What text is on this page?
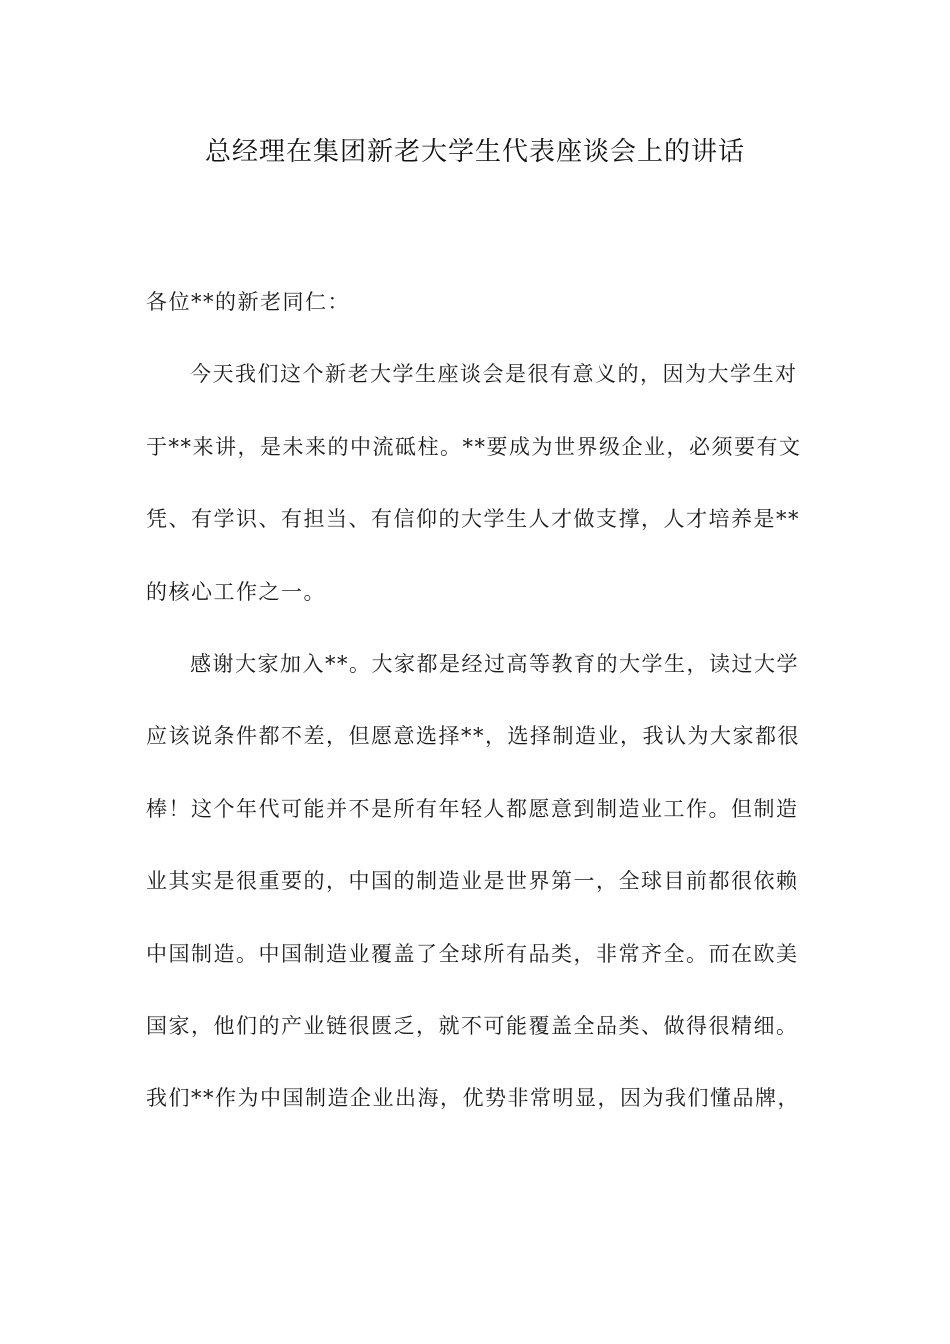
总经理在集团新老大学生代表座谈会上的讲话
各位**的新老同仁：
今天我们这个新老大学生座谈会是很有意义的，因为大学生对
于**来讲，是未来的中流砥柱。**要成为世界级企业，必须要有文
凭、有学识、有担当、有信仰的大学生人才做支撑，人才培养是**
的核心工作之一。
感谢大家加入**。大家都是经过高等教育的大学生，读过大学
应该说条件都不差，但愿意选择**，选择制造业，我认为大家都很
棒！这个年代可能并不是所有年轻人都愿意到制造业工作。但制造
业其实是很重要的，中国的制造业是世界第一，全球目前都很依赖
中国制造。中国制造业覆盖了全球所有品类，非常齐全。而在欧美
国家，他们的产业链很匮乏，就不可能覆盖全品类、做得很精细。
我们**作为中国制造企业出海，优势非常明显，因为我们懂品牌，
